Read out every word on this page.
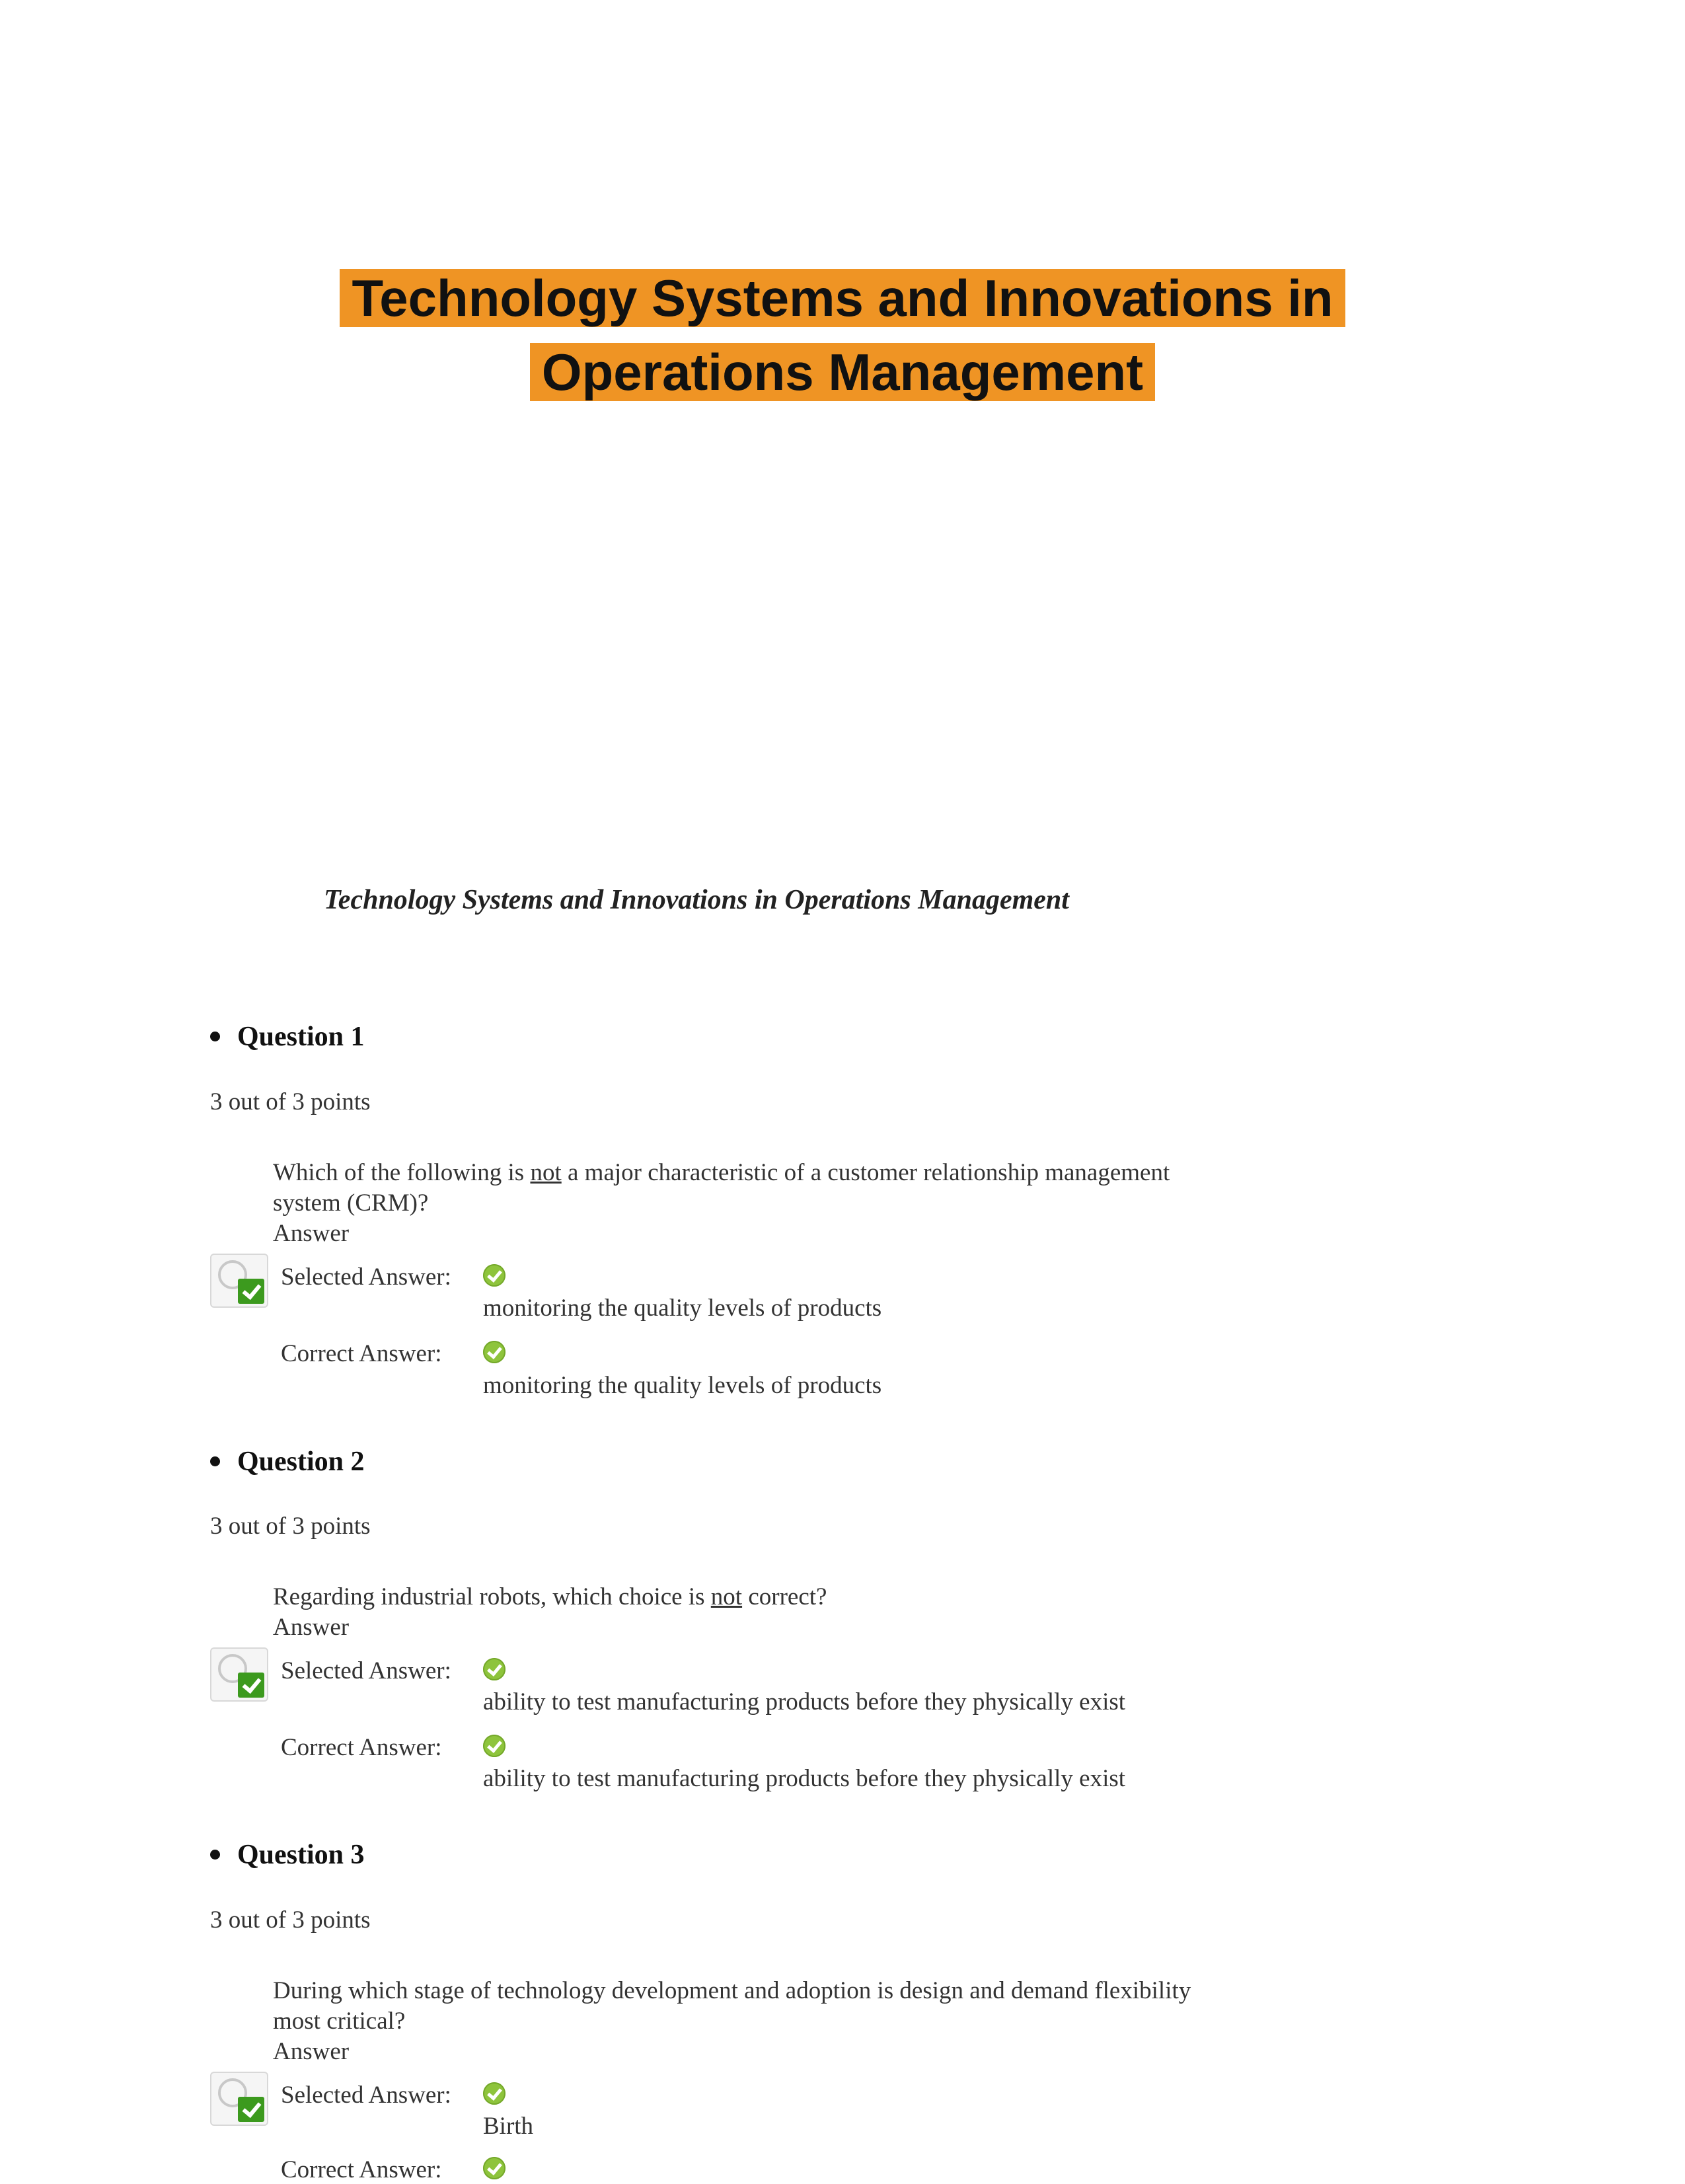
Technology Systems and Innovations in
Operations Management
Technology Systems and Innovations in Operations Management
Question 1
3 out of 3 points
Which of the following is not a major characteristic of a customer relationship management system (CRM)?
Answer
Selected Answer:
monitoring the quality levels of products
Correct Answer:
monitoring the quality levels of products
Question 2
3 out of 3 points
Regarding industrial robots, which choice is not correct?
Answer
Selected Answer:
ability to test manufacturing products before they physically exist
Correct Answer:
ability to test manufacturing products before they physically exist
Question 3
3 out of 3 points
During which stage of technology development and adoption is design and demand flexibility most critical?
Answer
Selected Answer:
Birth
Correct Answer:
